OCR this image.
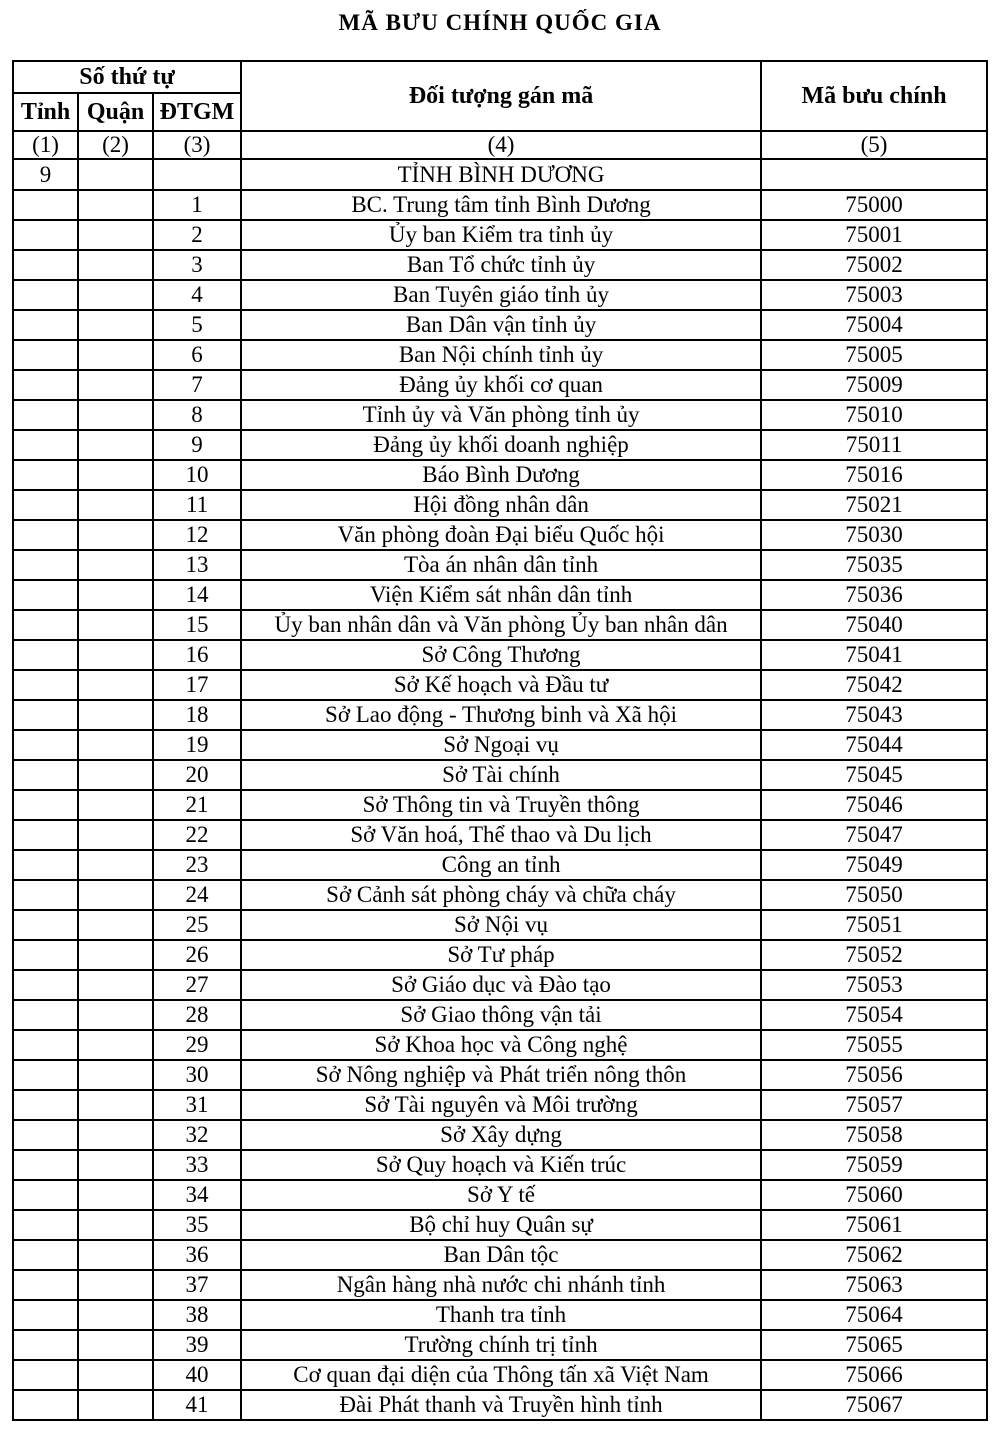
MÃ BƯU CHÍNH QUỐC GIA
Số thứ tự			Đối tượng gán mã	Mã bưu chính
Tỉnh	Quận	ĐTGM		
(1)	(2)	(3)	(4)	(5)
9			TỈNH BÌNH DƯƠNG	
		1	BC. Trung tâm tỉnh Bình Dương	75000
		2	Ủy ban Kiểm tra tỉnh ủy	75001
		3	Ban Tổ chức tỉnh ủy	75002
		4	Ban Tuyên giáo tỉnh ủy	75003
		5	Ban Dân vận tỉnh ủy	75004
		6	Ban Nội chính tỉnh ủy	75005
		7	Đảng ủy khối cơ quan	75009
		8	Tỉnh ủy và Văn phòng tỉnh ủy	75010
		9	Đảng ủy khối doanh nghiệp	75011
		10	Báo Bình Dương	75016
		11	Hội đồng nhân dân	75021
		12	Văn phòng đoàn Đại biểu Quốc hội	75030
		13	Tòa án nhân dân tỉnh	75035
		14	Viện Kiểm sát nhân dân tỉnh	75036
		15	Ủy ban nhân dân và Văn phòng Ủy ban nhân dân	75040
		16	Sở Công Thương	75041
		17	Sở Kế hoạch và Đầu tư	75042
		18	Sở Lao động - Thương binh và Xã hội	75043
		19	Sở Ngoại vụ	75044
		20	Sở Tài chính	75045
		21	Sở Thông tin và Truyền thông	75046
		22	Sở Văn hoá, Thể thao và Du lịch	75047
		23	Công an tỉnh	75049
		24	Sở Cảnh sát phòng cháy và chữa cháy	75050
		25	Sở Nội vụ	75051
		26	Sở Tư pháp	75052
		27	Sở Giáo dục và Đào tạo	75053
		28	Sở Giao thông vận tải	75054
		29	Sở Khoa học và Công nghệ	75055
		30	Sở Nông nghiệp và Phát triển nông thôn	75056
		31	Sở Tài nguyên và Môi trường	75057
		32	Sở Xây dựng	75058
		33	Sở Quy hoạch và Kiến trúc	75059
		34	Sở Y tế	75060
		35	Bộ chỉ huy Quân sự	75061
		36	Ban Dân tộc	75062
		37	Ngân hàng nhà nước chi nhánh tỉnh	75063
		38	Thanh tra tỉnh	75064
		39	Trường chính trị tỉnh	75065
		40	Cơ quan đại diện của Thông tấn xã Việt Nam	75066
		41	Đài Phát thanh và Truyền hình tỉnh	75067
